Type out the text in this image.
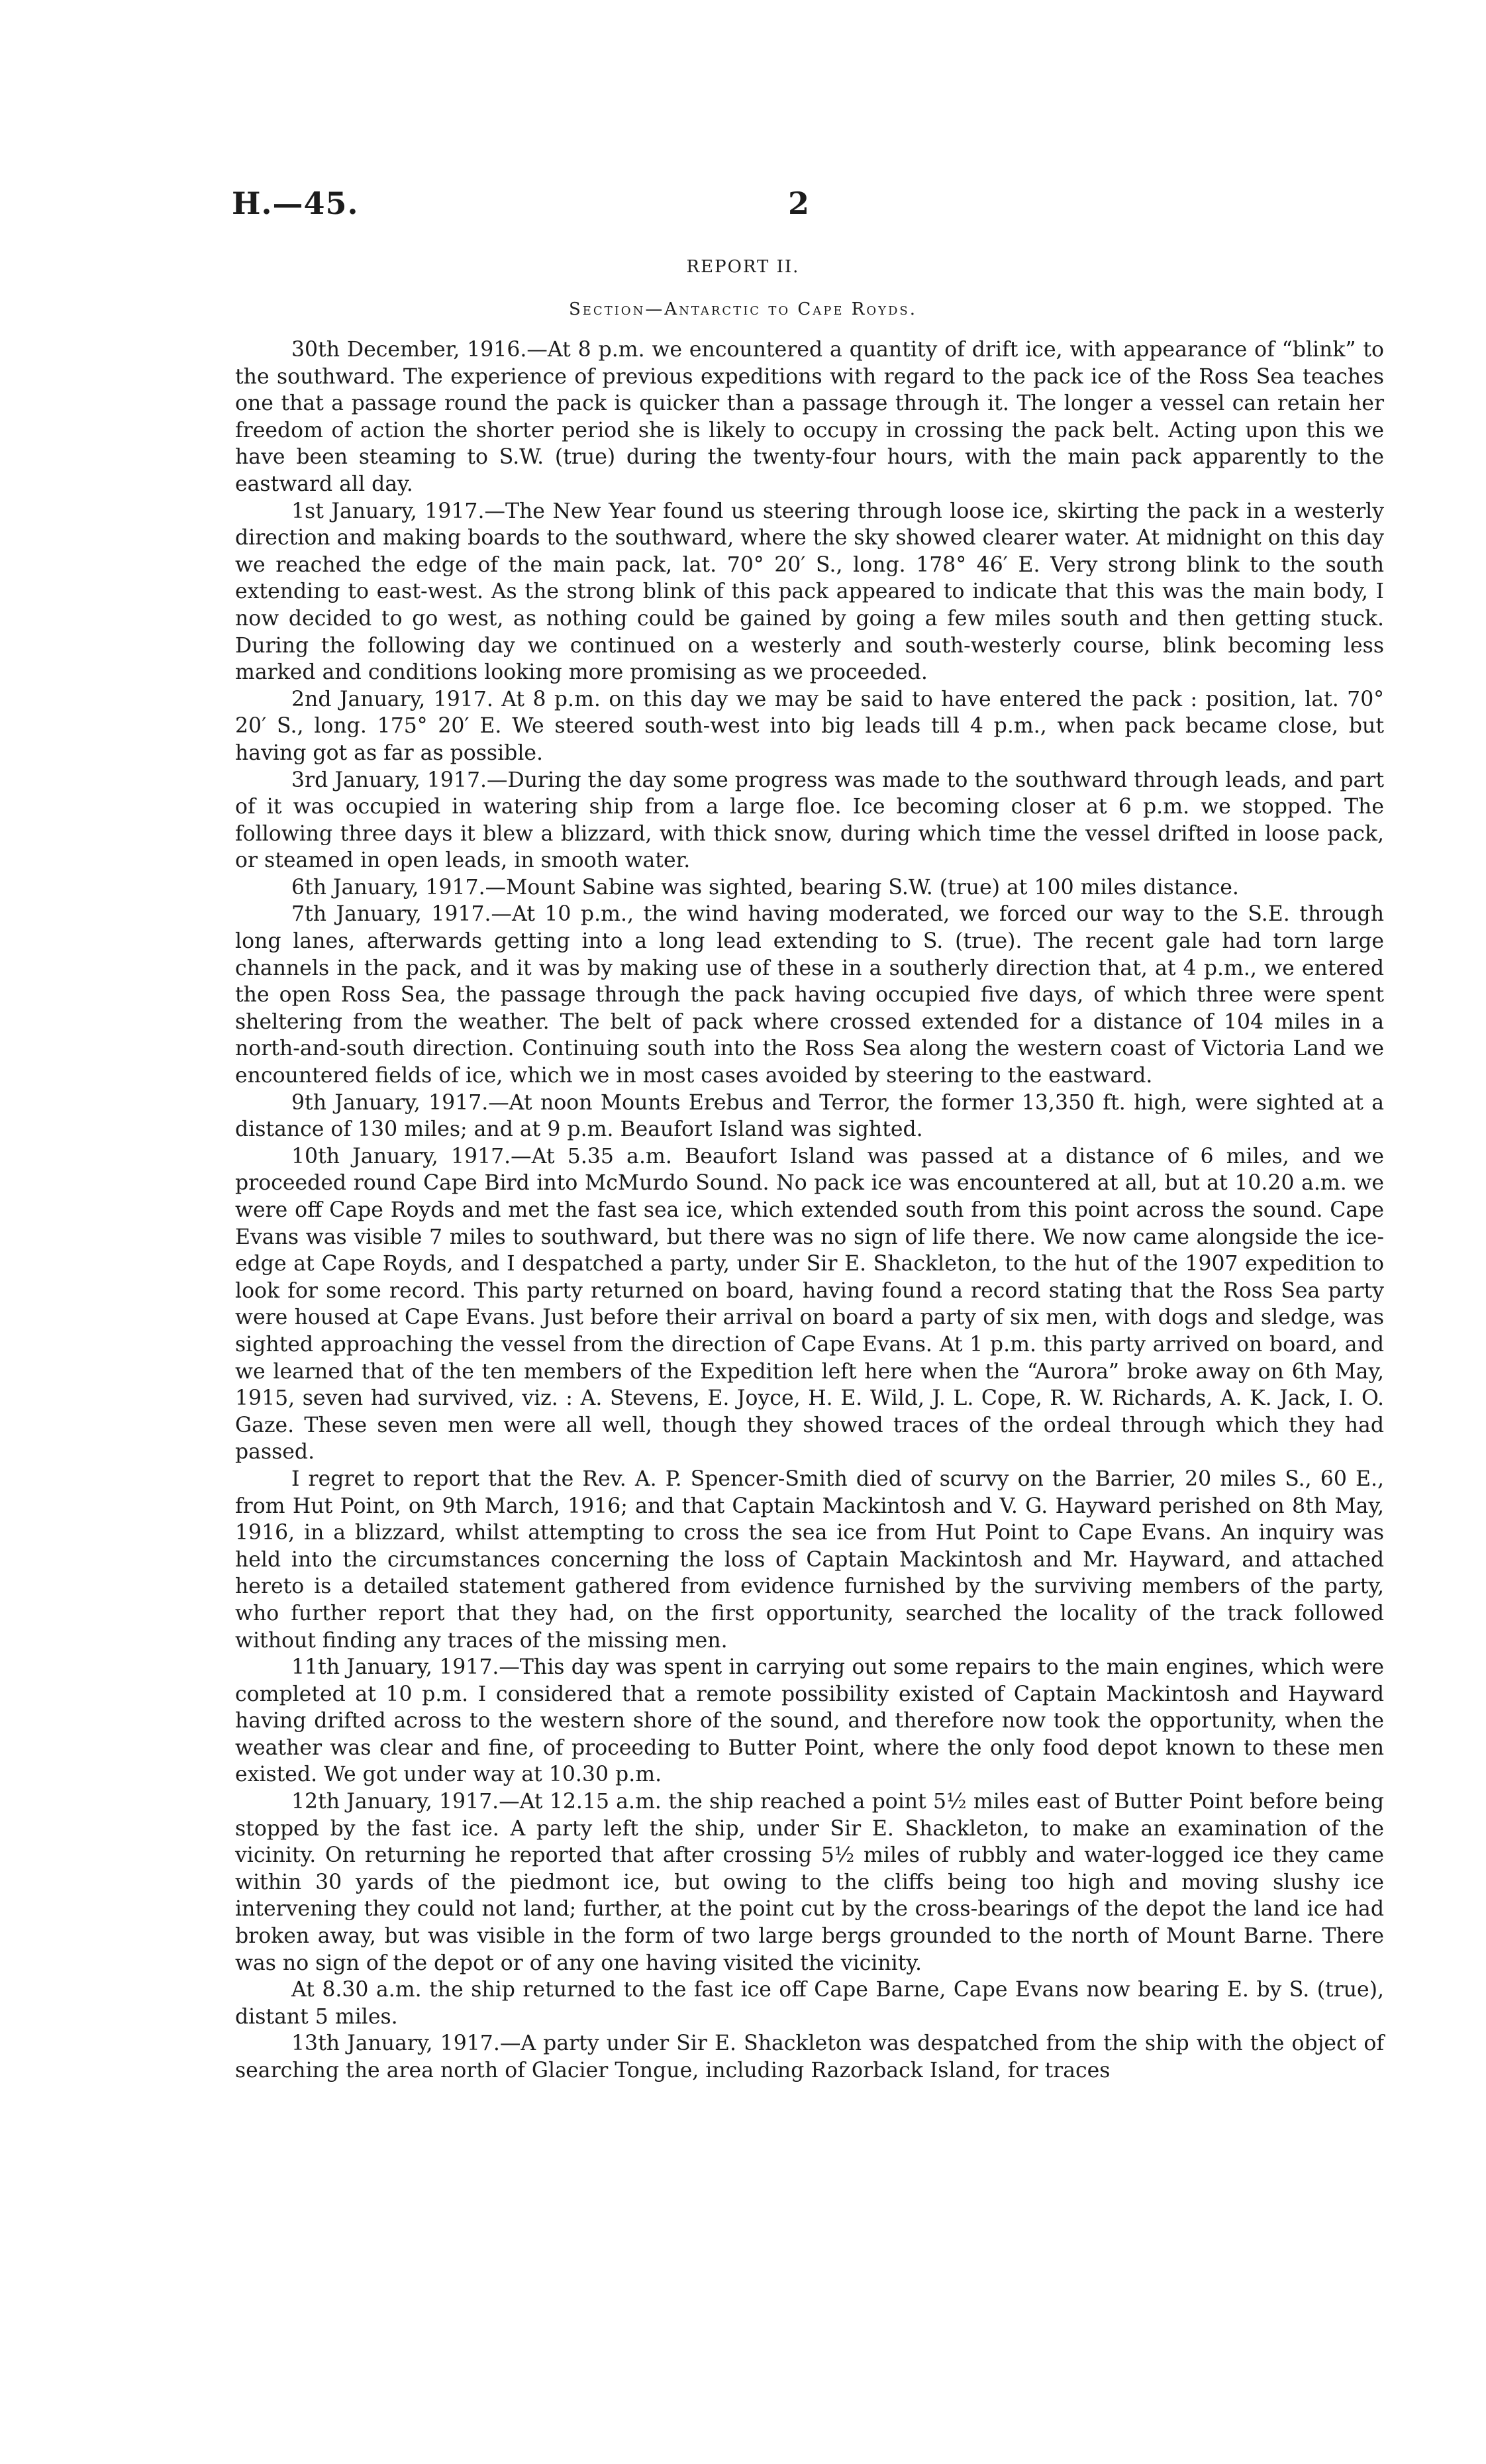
H.—45.	2
REPORT II.
Section—Antarctic to Cape Royds.

30th December, 1916.—At 8 p.m. we encountered a quantity of drift ice, with appearance of “blink” to the southward. The experience of previous expeditions with regard to the pack ice of the Ross Sea teaches one that a passage round the pack is quicker than a passage through it. The longer a vessel can retain her freedom of action the shorter period she is likely to occupy in crossing the pack belt. Acting upon this we have been steaming to S.W. (true) during the twenty-four hours, with the main pack apparently to the eastward all day.

1st January, 1917.—The New Year found us steering through loose ice, skirting the pack in a westerly direction and making boards to the southward, where the sky showed clearer water. At midnight on this day we reached the edge of the main pack, lat. 70° 20′ S., long. 178° 46′ E. Very strong blink to the south extending to east-west. As the strong blink of this pack appeared to indicate that this was the main body, I now decided to go west, as nothing could be gained by going a few miles south and then getting stuck. During the following day we continued on a westerly and south-westerly course, blink becoming less marked and conditions looking more promising as we proceeded.

2nd January, 1917. At 8 p.m. on this day we may be said to have entered the pack : position, lat. 70° 20′ S., long. 175° 20′ E. We steered south-west into big leads till 4 p.m., when pack became close, but having got as far as possible.

3rd January, 1917.—During the day some progress was made to the southward through leads, and part of it was occupied in watering ship from a large floe. Ice becoming closer at 6 p.m. we stopped. The following three days it blew a blizzard, with thick snow, during which time the vessel drifted in loose pack, or steamed in open leads, in smooth water.

6th January, 1917.—Mount Sabine was sighted, bearing S.W. (true) at 100 miles distance.

7th January, 1917.—At 10 p.m., the wind having moderated, we forced our way to the S.E. through long lanes, afterwards getting into a long lead extending to S. (true). The recent gale had torn large channels in the pack, and it was by making use of these in a southerly direction that, at 4 p.m., we entered the open Ross Sea, the passage through the pack having occupied five days, of which three were spent sheltering from the weather. The belt of pack where crossed extended for a distance of 104 miles in a north-and-south direction. Continuing south into the Ross Sea along the western coast of Victoria Land we encountered fields of ice, which we in most cases avoided by steering to the eastward.

9th January, 1917.—At noon Mounts Erebus and Terror, the former 13,350 ft. high, were sighted at a distance of 130 miles; and at 9 p.m. Beaufort Island was sighted.

10th January, 1917.—At 5.35 a.m. Beaufort Island was passed at a distance of 6 miles, and we proceeded round Cape Bird into McMurdo Sound. No pack ice was encountered at all, but at 10.20 a.m. we were off Cape Royds and met the fast sea ice, which extended south from this point across the sound. Cape Evans was visible 7 miles to southward, but there was no sign of life there. We now came alongside the ice-edge at Cape Royds, and I despatched a party, under Sir E. Shackleton, to the hut of the 1907 expedition to look for some record. This party returned on board, having found a record stating that the Ross Sea party were housed at Cape Evans. Just before their arrival on board a party of six men, with dogs and sledge, was sighted approaching the vessel from the direction of Cape Evans. At 1 p.m. this party arrived on board, and we learned that of the ten members of the Expedition left here when the “Aurora” broke away on 6th May, 1915, seven had survived, viz. : A. Stevens, E. Joyce, H. E. Wild, J. L. Cope, R. W. Richards, A. K. Jack, I. O. Gaze. These seven men were all well, though they showed traces of the ordeal through which they had passed.

I regret to report that the Rev. A. P. Spencer-Smith died of scurvy on the Barrier, 20 miles S., 60 E., from Hut Point, on 9th March, 1916; and that Captain Mackintosh and V. G. Hayward perished on 8th May, 1916, in a blizzard, whilst attempting to cross the sea ice from Hut Point to Cape Evans. An inquiry was held into the circumstances concerning the loss of Captain Mackintosh and Mr. Hayward, and attached hereto is a detailed statement gathered from evidence furnished by the surviving members of the party, who further report that they had, on the first opportunity, searched the locality of the track followed without finding any traces of the missing men.

11th January, 1917.—This day was spent in carrying out some repairs to the main engines, which were completed at 10 p.m. I considered that a remote possibility existed of Captain Mackintosh and Hayward having drifted across to the western shore of the sound, and therefore now took the opportunity, when the weather was clear and fine, of proceeding to Butter Point, where the only food depot known to these men existed. We got under way at 10.30 p.m.

12th January, 1917.—At 12.15 a.m. the ship reached a point 5½ miles east of Butter Point before being stopped by the fast ice. A party left the ship, under Sir E. Shackleton, to make an examination of the vicinity. On returning he reported that after crossing 5½ miles of rubbly and water-logged ice they came within 30 yards of the piedmont ice, but owing to the cliffs being too high and moving slushy ice intervening they could not land; further, at the point cut by the cross-bearings of the depot the land ice had broken away, but was visible in the form of two large bergs grounded to the north of Mount Barne. There was no sign of the depot or of any one having visited the vicinity.

At 8.30 a.m. the ship returned to the fast ice off Cape Barne, Cape Evans now bearing E. by S. (true), distant 5 miles.

13th January, 1917.—A party under Sir E. Shackleton was despatched from the ship with the object of searching the area north of Glacier Tongue, including Razorback Island, for traces
